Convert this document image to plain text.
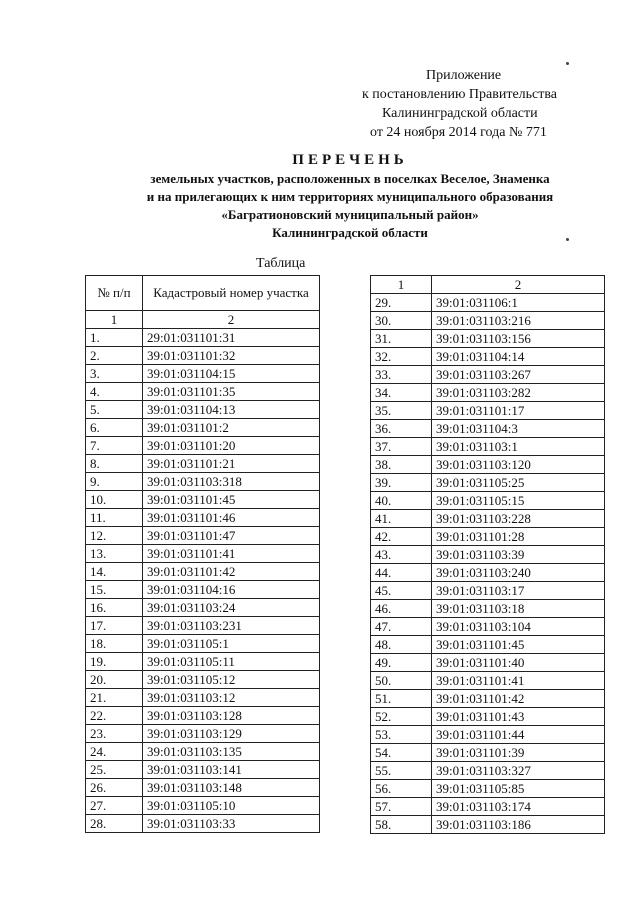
Приложение
к постановлению Правительства
Калининградской области
от 24 ноября 2014 года № 771
ПЕРЕЧЕНЬ
земельных участков, расположенных в поселках Веселое, Знаменка
и на прилегающих к ним территориях муниципального образования
«Багратионовский муниципальный район»
Калининградской области
Таблица
№ п/п	Кадастровый номер участка
1	2
1.	29:01:031101:31
2.	39:01:031101:32
3.	39:01:031104:15
4.	39:01:031101:35
5.	39:01:031104:13
6.	39:01:031101:2
7.	39:01:031101:20
8.	39:01:031101:21
9.	39:01:031103:318
10.	39:01:031101:45
11.	39:01:031101:46
12.	39:01:031101:47
13.	39:01:031101:41
14.	39:01:031101:42
15.	39:01:031104:16
16.	39:01:031103:24
17.	39:01:031103:231
18.	39:01:031105:1
19.	39:01:031105:11
20.	39:01:031105:12
21.	39:01:031103:12
22.	39:01:031103:128
23.	39:01:031103:129
24.	39:01:031103:135
25.	39:01:031103:141
26.	39:01:031103:148
27.	39:01:031105:10
28.	39:01:031103:33
1	2
29.	39:01:031106:1
30.	39:01:031103:216
31.	39:01:031103:156
32.	39:01:031104:14
33.	39:01:031103:267
34.	39:01:031103:282
35.	39:01:031101:17
36.	39:01:031104:3
37.	39:01:031103:1
38.	39:01:031103:120
39.	39:01:031105:25
40.	39:01:031105:15
41.	39:01:031103:228
42.	39:01:031101:28
43.	39:01:031103:39
44.	39:01:031103:240
45.	39:01:031103:17
46.	39:01:031103:18
47.	39:01:031103:104
48.	39:01:031101:45
49.	39:01:031101:40
50.	39:01:031101:41
51.	39:01:031101:42
52.	39:01:031101:43
53.	39:01:031101:44
54.	39:01:031101:39
55.	39:01:031103:327
56.	39:01:031105:85
57.	39:01:031103:174
58.	39:01:031103:186
